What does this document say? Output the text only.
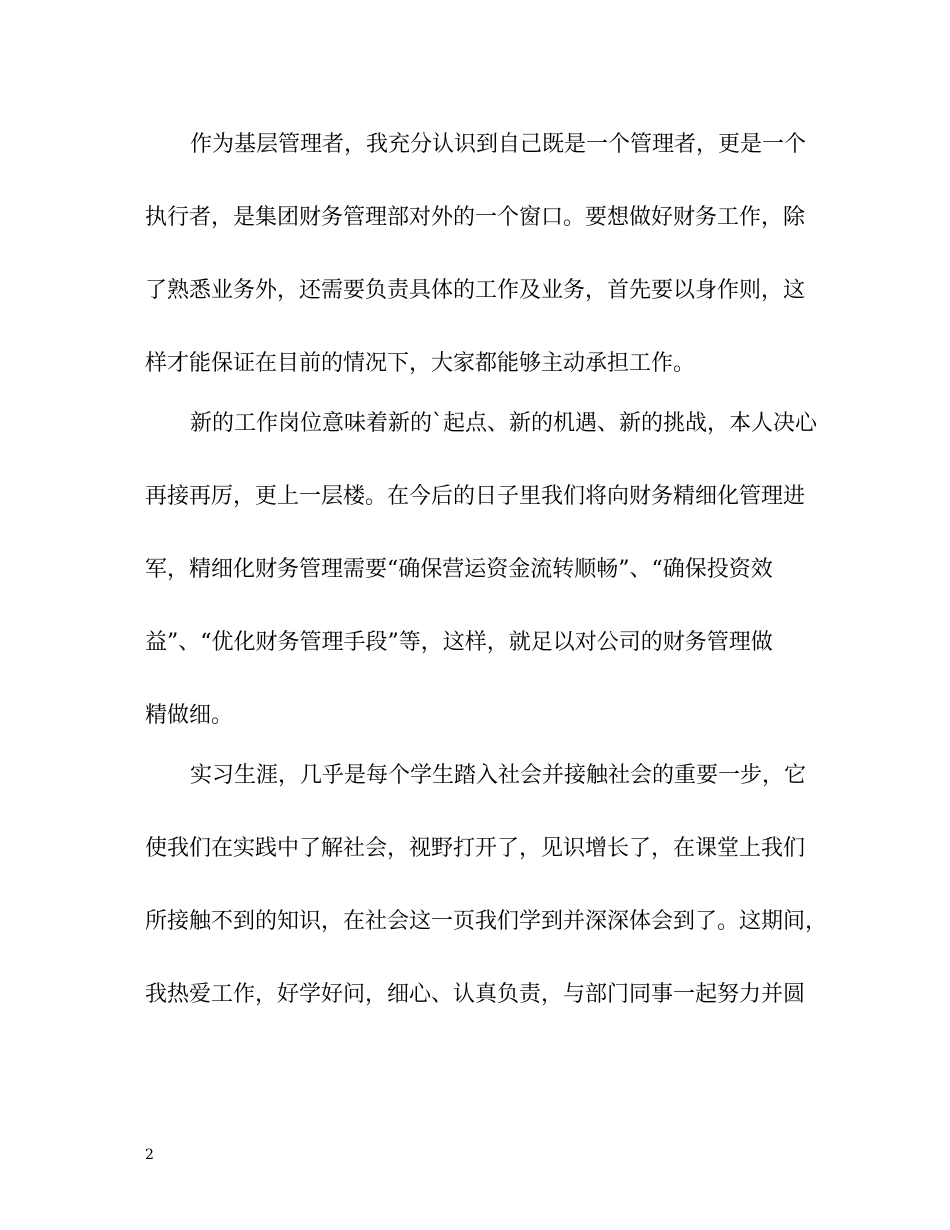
作为基层管理者，我充分认识到自己既是一个管理者，更是一个
执行者，是集团财务管理部对外的一个窗口。要想做好财务工作，除
了熟悉业务外，还需要负责具体的工作及业务，首先要以身作则，这
样才能保证在目前的情况下，大家都能够主动承担工作。
新的工作岗位意味着新的`起点、新的机遇、新的挑战，本人决心
再接再厉，更上一层楼。在今后的日子里我们将向财务精细化管理进
军，精细化财务管理需要“确保营运资金流转顺畅”、“确保投资效
益”、“优化财务管理手段”等，这样，就足以对公司的财务管理做
精做细。
实习生涯，几乎是每个学生踏入社会并接触社会的重要一步，它
使我们在实践中了解社会，视野打开了，见识增长了，在课堂上我们
所接触不到的知识，在社会这一页我们学到并深深体会到了。这期间，
我热爱工作，好学好问，细心、认真负责，与部门同事一起努力并圆
2
